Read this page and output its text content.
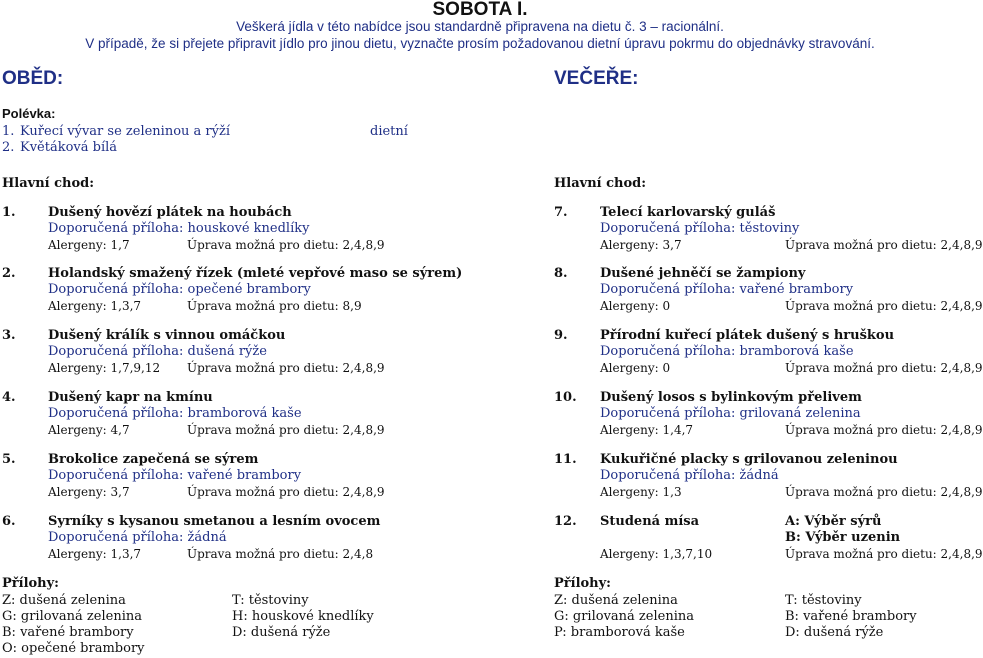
SOBOTA I.
Veškerá jídla v této nabídce jsou standardně připravena na dietu č. 3 – racionální.
V případě, že si přejete připravit jídlo pro jinou dietu, vyznačte prosím požadovanou dietní úpravu pokrmu do objednávky stravování.
OBĚD:
Polévka:
1. Kuřecí vývar se zeleninou a rýží	dietní
2. Květáková bílá
Hlavní chod:
1. Dušený hovězí plátek na houbách
Doporučená příloha: houskové knedlíky
Alergeny: 1,7	Úprava možná pro dietu: 2,4,8,9
2. Holandský smažený řízek (mleté vepřové maso se sýrem)
Doporučená příloha: opečené brambory
Alergeny: 1,3,7	Úprava možná pro dietu: 8,9
3. Dušený králík s vinnou omáčkou
Doporučená příloha: dušená rýže
Alergeny: 1,7,9,12 Úprava možná pro dietu: 2,4,8,9
4. Dušený kapr na kmínu
Doporučená příloha: bramborová kaše
Alergeny: 4,7	Úprava možná pro dietu: 2,4,8,9
5. Brokolice zapečená se sýrem
Doporučená příloha: vařené brambory
Alergeny: 3,7	Úprava možná pro dietu: 2,4,8,9
6. Syrníky s kysanou smetanou a lesním ovocem
Doporučená příloha: žádná
Alergeny: 1,3,7	Úprava možná pro dietu: 2,4,8
Přílohy:
Z: dušená zelenina
G: grilovaná zelenina
B: vařené brambory
O: opečené brambory
T: těstoviny
H: houskové knedlíky
D: dušená rýže
VEČEŘE:
Hlavní chod:
7. Telecí karlovarský guláš
Doporučená příloha: těstoviny
Alergeny: 3,7	Úprava možná pro dietu: 2,4,8,9
8. Dušené jehněčí se žampiony
Doporučená příloha: vařené brambory
Alergeny: 0	Úprava možná pro dietu: 2,4,8,9
9. Přírodní kuřecí plátek dušený s hruškou
Doporučená příloha: bramborová kaše
Alergeny: 0	Úprava možná pro dietu: 2,4,8,9
10. Dušený losos s bylinkovým přelivem
Doporučená příloha: grilovaná zelenina
Alergeny: 1,4,7	Úprava možná pro dietu: 2,4,8,9
11. Kukuřičné placky s grilovanou zeleninou
Doporučená příloha: žádná
Alergeny: 1,3	Úprava možná pro dietu: 2,4,8,9
12. Studená mísa	A: Výběr sýrů
B: Výběr uzenin
Alergeny: 1,3,7,10	Úprava možná pro dietu: 2,4,8,9
Přílohy:
Z: dušená zelenina
G: grilovaná zelenina
P: bramborová kaše
T: těstoviny
B: vařené brambory
D: dušená rýže
